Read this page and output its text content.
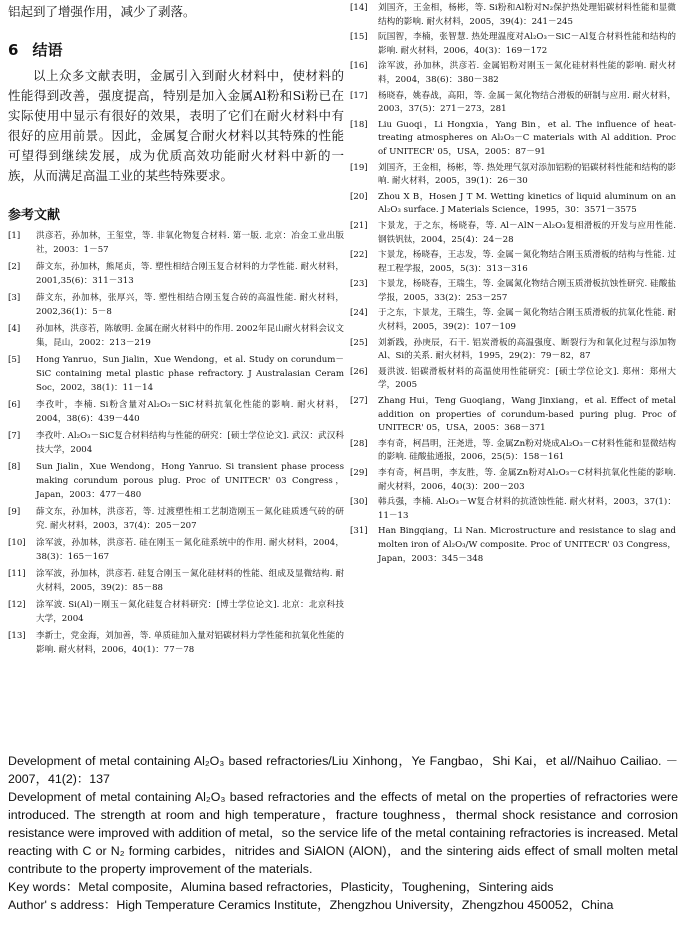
铝起到了增强作用，减少了剥落。

6 结语

以上众多文献表明，金属引入到耐火材料中，使材料的性能得到改善，强度提高，特别是加入金属Al粉和Si粉已在实际使用中显示有很好的效果，表明了它们在耐火材料中有很好的应用前景。因此，金属复合耐火材料以其特殊的性能可望得到继续发展，成为优质高效功能耐火材料中新的一族，从而满足高温工业的某些特殊要求。

参考文献
[1]	洪彦若，孙加林，王玺堂，等. 非氧化物复合材料. 第一版. 北京：冶金工业出版社，2003：1－57
[2]	薛文东，孙加林，熊尾贞，等. 塑性相结合刚玉复合材料的力学性能. 耐火材料，2001,35(6)：311－313
[3]	薛文东，孙加林，张厚兴，等. 塑性相结合刚玉复合砖的高温性能. 耐火材料，2002,36(1)：5－8
[4]	孙加林，洪彦若，陈敏明. 金属在耐火材料中的作用. 2002年昆山耐火材料会议文集，昆山，2002：213－219
[5]	Hong Yanruo，Sun Jialin，Xue Wendong，et al. Study on corundum－SiC containing metal plastic phase refractory. J Australasian Ceram Soc，2002，38(1)：11－14
[6]	李孜叶，李楠. Si粉含量对Al₂O₃－SiC材料抗氧化性能的影响. 耐火材料，2004，38(6)：439－440
[7]	李孜叶. Al₂O₃－SiC复合材料结构与性能的研究：[硕士学位论文]. 武汉：武汉科技大学，2004
[8]	Sun Jialin，Xue Wendong，Hong Yanruo. Si transient phase process making corundum porous plug. Proc of UNITECR' 03 Congress，Japan，2003：477－480
[9]	薛文东，孙加林，洪彦若，等. 过渡塑性相工艺制造刚玉－氮化硅质透气砖的研究. 耐火材料，2003，37(4)：205－207
[10]	涂军波，孙加林，洪彦若. 硅在刚玉－氮化硅系统中的作用. 耐火材料，2004，38(3)：165－167
[11]	涂军波，孙加林，洪彦若. 硅复合刚玉－氮化硅材料的性能、组成及显微结构. 耐火材料，2005，39(2)：85－88
[12]	涂军波. Si(Al)－刚玉－氮化硅复合材料研究：[博士学位论文]. 北京：北京科技大学，2004
[13]	李新士，党金海，刘加善，等. 单质硅加入量对铝碳材料力学性能和抗氧化性能的影响. 耐火材料，2006，40(1)：77－78
[14]	刘国齐，王金相，杨彬，等. Si粉和Al粉对N₂保护热处理铝碳材料性能和显微结构的影响. 耐火材料，2005，39(4)：241－245
[15]	阮国智，李楠，张智慧. 热处理温度对Al₂O₃－SiC－Al复合材料性能和结构的影响. 耐火材料，2006，40(3)：169－172
[16]	涂军波，孙加林，洪彦若. 金属铝粉对刚玉－氮化硅材料性能的影响. 耐火材料，2004，38(6)：380－382
[17]	杨晓春，姚春战，高阳，等. 金属－氮化物结合滑板的研制与应用. 耐火材料，2003，37(5)：271－273，281
[18]	Liu Guoqi，Li Hongxia，Yang Bin，et al. The influence of heat-treating atmospheres on Al₂O₃－C materials with Al addition. Proc of UNITECR' 05，USA，2005：87－91
[19]	刘国齐，王金相，杨彬，等. 热处理气氛对添加铝粉的铝碳材料性能和结构的影响. 耐火材料，2005，39(1)：26－30
[20]	Zhou X B，Hosen J T M. Wetting kinetics of liquid aluminum on an Al₂O₃ surface. J Materials Science，1995，30：3571－3575
[21]	卞景龙，于之东，杨晓春，等. Al－AlN－Al₂O₃复相滑板的开发与应用性能. 钢铁钒钛，2004，25(4)：24－28
[22]	卞景龙，杨晓春，王志发，等. 金属－氮化物结合刚玉质滑板的结构与性能. 过程工程学报，2005，5(3)：313－316
[23]	卞景龙，杨晓春，王瑞生，等. 金属氮化物结合刚玉质滑板抗蚀性研究. 硅酸盐学报，2005，33(2)：253－257
[24]	于之东，卞景龙，王瑞生，等. 金属－氮化物结合刚玉质滑板的抗氧化性能. 耐火材料，2005，39(2)：107－109
[25]	刘新践，孙庚辰，石干. 铝炭滑板的高温强度、断裂行为和氧化过程与添加物Al、Si的关系. 耐火材料，1995，29(2)：79－82，87
[26]	聂洪波. 铝碳滑板材料的高温使用性能研究：[硕士学位论文]. 郑州：郑州大学，2005
[27]	Zhang Hui，Teng Guoqiang，Wang Jinxiang，et al. Effect of metal addition on properties of corundum-based puring plug. Proc of UNITECR' 05，USA，2005：368－371
[28]	李有奇，柯昌明，汪尧进，等. 金属Zn粉对烧成Al₂O₃－C材料性能和显微结构的影响. 硅酸盐通报，2006，25(5)：158－161
[29]	李有奇，柯昌明，李友胜，等. 金属Zn粉对Al₂O₃－C材料抗氧化性能的影响. 耐火材料，2006，40(3)：200－203
[30]	韩兵强，李楠. Al₂O₃－W复合材料的抗渣蚀性能. 耐火材料，2003，37(1)：11－13
[31]	Han Bingqiang，Li Nan. Microstructure and resistance to slag and molten iron of Al₂O₃/W composite. Proc of UNITECR' 03 Congress，Japan，2003：345－348

Development of metal containing Al₂O₃ based refractories/Liu Xinhong，Ye Fangbao，Shi Kai，et al//Naihuo Cailiao. －2007，41(2)：137

Development of metal containing Al₂O₃ based refractories and the effects of metal on the properties of refractories were introduced. The strength at room and high temperature，fracture toughness，thermal shock resistance and corrosion resistance were improved with addition of metal，so the service life of the metal containing refractories is increased. Metal reacting with C or N₂ forming carbides，nitrides and SiAlON (AlON)，and the sintering aids effect of small molten metal contribute to the property improvement of the materials.

Key words：Metal composite，Alumina based refractories，Plasticity，Toughening，Sintering aids

Author' s address：High Temperature Ceramics Institute，Zhengzhou University，Zhengzhou 450052，China
